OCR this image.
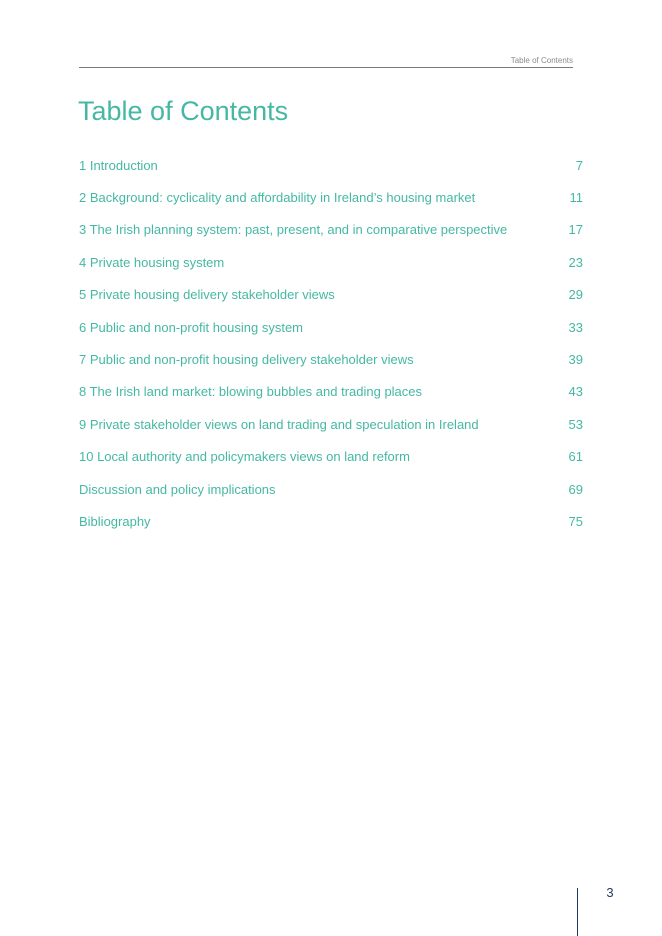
Table of Contents
Table of Contents
1 Introduction	7
2 Background: cyclicality and affordability in Ireland’s housing market	11
3 The Irish planning system: past, present, and in comparative perspective	17
4 Private housing system	23
5 Private housing delivery stakeholder views	29
6 Public and non-profit housing system	33
7 Public and non-profit housing delivery stakeholder views	39
8 The Irish land market: blowing bubbles and trading places	43
9 Private stakeholder views on land trading and speculation in Ireland	53
10 Local authority and policymakers views on land reform	61
Discussion and policy implications	69
Bibliography	75
3
